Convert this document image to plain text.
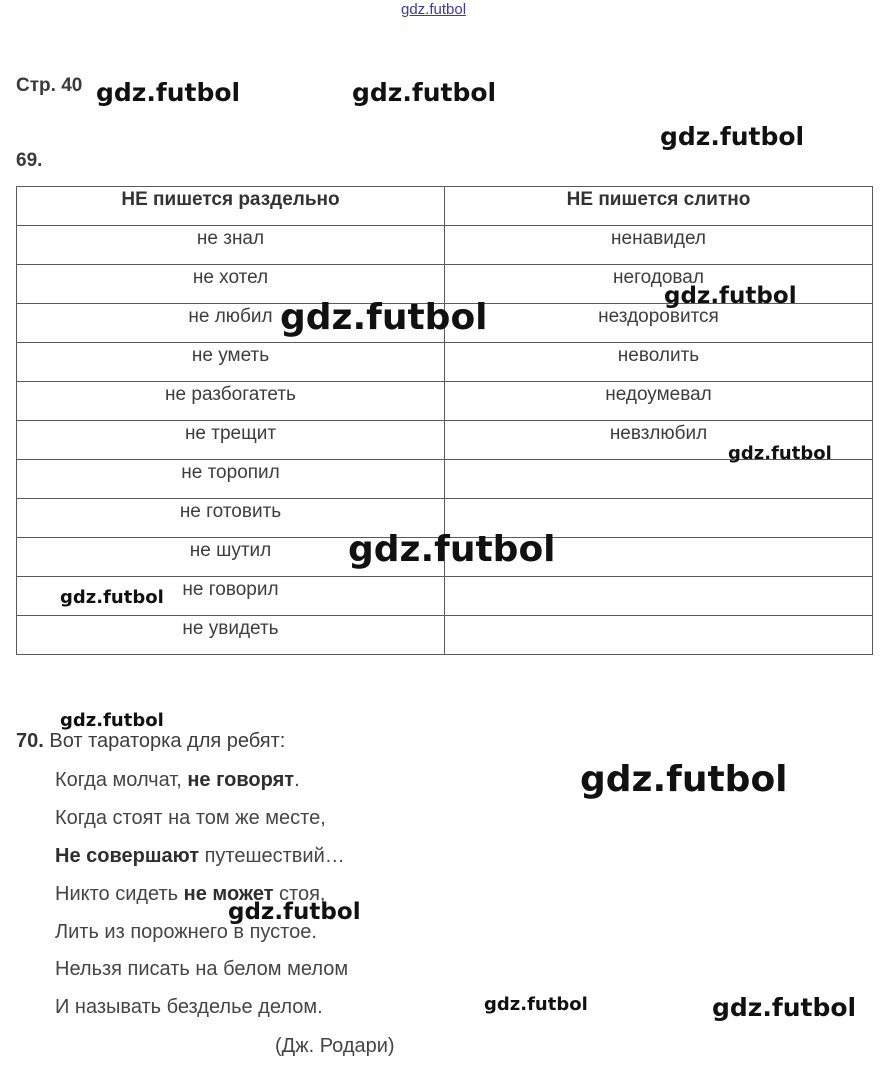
gdz.futbol
Стр. 40
69.
НЕ пишется раздельно	НЕ пишется слитно
не знал	ненавидел
не хотел	негодовал
не любил	нездоровится
не уметь	неволить
не разбогатеть	недоумевал
не трещит	невзлюбил
не торопил	
не готовить	
не шутил	
не говорил	
не увидеть	
70. Вот тараторка для ребят:
Когда молчат, не говорят.
Когда стоят на том же месте,
Не совершают путешествий…
Никто сидеть не может стоя,
Лить из порожнего в пустое.
Нельзя писать на белом мелом
И называть безделье делом.
(Дж. Родари)
gdz.futbol	gdz.futbol
gdz.futbol
gdz.futbol
gdz.futbol
gdz.futbol
gdz.futbol
gdz.futbol
gdz.futbol
gdz.futbol
gdz.futbol
gdz.futbol	gdz.futbol
